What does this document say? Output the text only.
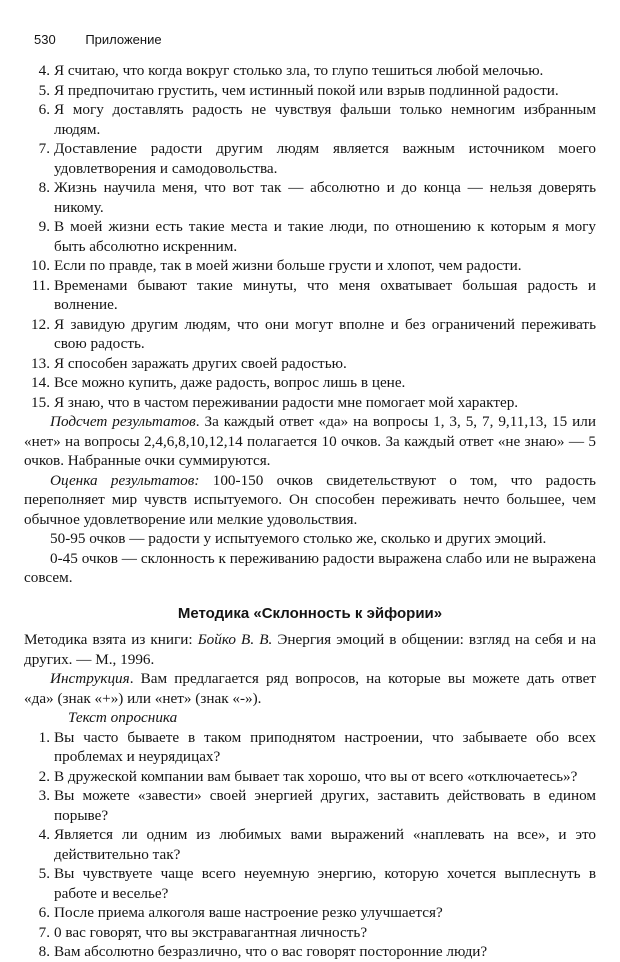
530 Приложение
4. Я считаю, что когда вокруг столько зла, то глупо тешиться любой мелочью.
5. Я предпочитаю грустить, чем истинный покой или взрыв подлинной радости.
6. Я могу доставлять радость не чувствуя фальши только немногим избранным людям.
7. Доставление радости другим людям является важным источником моего удовлетворения и самодовольства.
8. Жизнь научила меня, что вот так — абсолютно и до конца — нельзя доверять никому.
9. В моей жизни есть такие места и такие люди, по отношению к которым я могу быть абсолютно искренним.
10. Если по правде, так в моей жизни больше грусти и хлопот, чем радости.
11. Временами бывают такие минуты, что меня охватывает большая радость и волнение.
12. Я завидую другим людям, что они могут вполне и без ограничений переживать свою радость.
13. Я способен заражать других своей радостью.
14. Все можно купить, даже радость, вопрос лишь в цене.
15. Я знаю, что в частом переживании радости мне помогает мой характер.

Подсчет результатов. За каждый ответ «да» на вопросы 1, 3, 5, 7, 9,11,13, 15 или «нет» на вопросы 2,4,6,8,10,12,14 полагается 10 очков. За каждый ответ «не знаю» — 5 очков. Набранные очки суммируются.

Оценка результатов: 100-150 очков свидетельствуют о том, что радость переполняет мир чувств испытуемого. Он способен переживать нечто большее, чем обычное удовлетворение или мелкие удовольствия.

50-95 очков — радости у испытуемого столько же, сколько и других эмоций.

0-45 очков — склонность к переживанию радости выражена слабо или не выражена совсем.

Методика «Склонность к эйфории»

Методика взята из книги: Бойко В. В. Энергия эмоций в общении: взгляд на себя и на других. — М., 1996.

Инструкция. Вам предлагается ряд вопросов, на которые вы можете дать ответ «да» (знак «+») или «нет» (знак «-»).

Текст опросника
1. Вы часто бываете в таком приподнятом настроении, что забываете обо всех проблемах и неурядицах?
2. В дружеской компании вам бывает так хорошо, что вы от всего «отключаетесь»?
3. Вы можете «завести» своей энергией других, заставить действовать в едином порыве?
4. Является ли одним из любимых вами выражений «наплевать на все», и это действительно так?
5. Вы чувствуете чаще всего неуемную энергию, которую хочется выплеснуть в работе и веселье?
6. После приема алкоголя ваше настроение резко улучшается?
7. 0 вас говорят, что вы экстравагантная личность?
8. Вам абсолютно безразлично, что о вас говорят посторонние люди?
